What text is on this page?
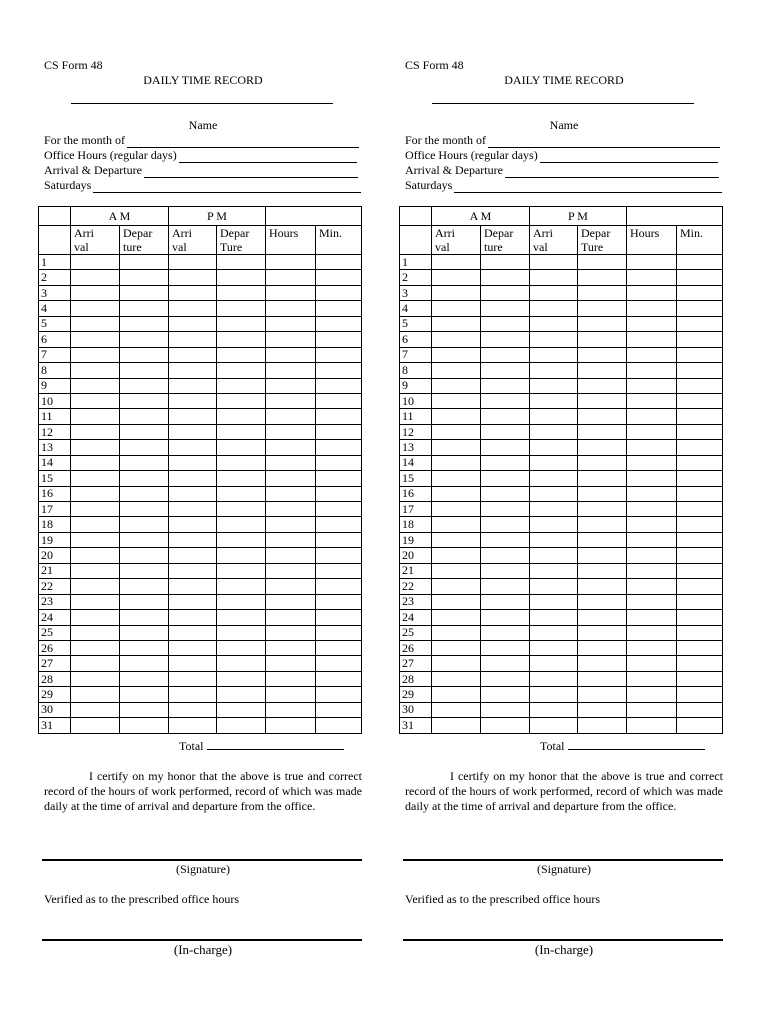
CS Form 48
DAILY TIME RECORD
Name
For the month of
Office Hours (regular days)
Arrival & Departure
Saturdays
	A M		P M			
	Arri	Depar	Arri	Depar	Hours	Min.
	val	ture	val	Ture		
1						
2						
3						
4						
5						
6						
7						
8						
9						
10						
11						
12						
13						
14						
15						
16						
17						
18						
19						
20						
21						
22						
23						
24						
25						
26						
27						
28						
29						
30						
31						
Total
I certify on my honor that the above is true and correct record of the hours of work performed, record of which was made daily at the time of arrival and departure from the office.
(Signature)
Verified as to the prescribed office hours
(In-charge)
CS Form 48
DAILY TIME RECORD
Name
For the month of
Office Hours (regular days)
Arrival & Departure
Saturdays
	A M		P M			
	Arri	Depar	Arri	Depar	Hours	Min.
	val	ture	val	Ture		
1						
2						
3						
4						
5						
6						
7						
8						
9						
10						
11						
12						
13						
14						
15						
16						
17						
18						
19						
20						
21						
22						
23						
24						
25						
26						
27						
28						
29						
30						
31						
Total
I certify on my honor that the above is true and correct record of the hours of work performed, record of which was made daily at the time of arrival and departure from the office.
(Signature)
Verified as to the prescribed office hours
(In-charge)
